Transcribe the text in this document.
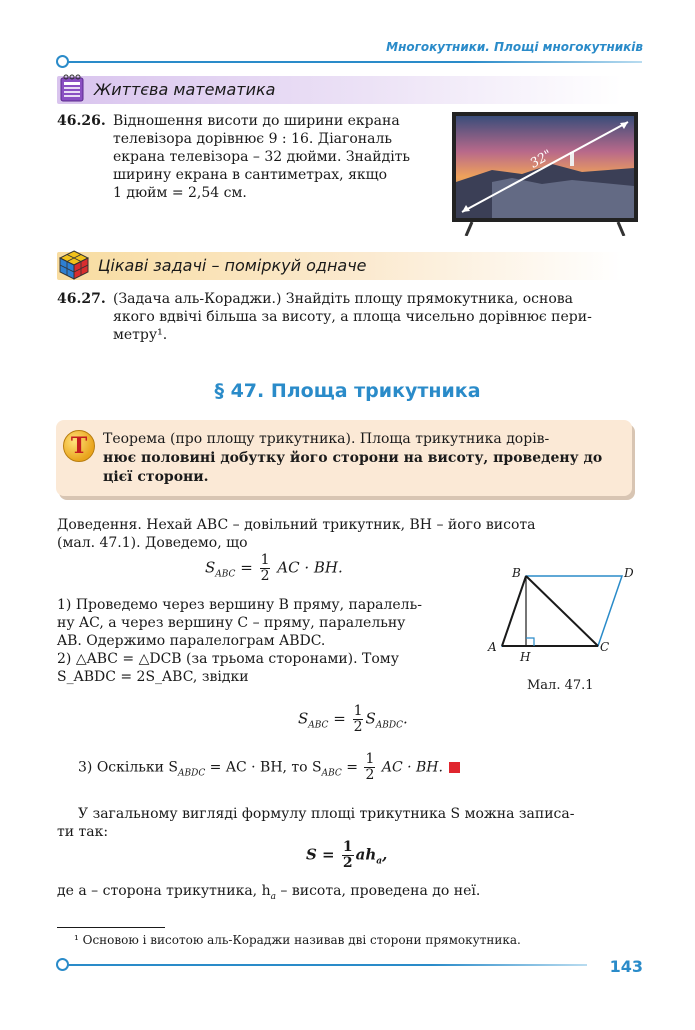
Многокутники. Площі многокутників
Життєва математика
46.26. Відношення висоти до ширини екрана
телевізора дорівнює 9 : 16. Діагональ
екрана телевізора – 32 дюйми. Знайдіть
ширину екрана в сантиметрах, якщо
1 дюйм = 2,54 см.
32"
Цікаві задачі – поміркуй одначе
46.27. (Задача аль-Кораджи.) Знайдіть площу прямокутника, основа
якого вдвічі більша за висоту, а площа чисельно дорівнює пери-
метру¹.
§ 47. Площа трикутника
Т	Теорема (про площу трикутника). Площа трикутника дорів-
нює половині добутку його сторони на висоту, проведену до
цієї сторони.
Доведення. Нехай ABC – довільний трикутник, BH – його висота
(мал. 47.1). Доведемо, що
$S_{ABC} = \frac{1}{2}$ AC · BH.
1) Проведемо через вершину B пряму, паралель-
ну AC, а через вершину C – пряму, паралельну
AB. Одержимо паралелограм ABDC.
2) △ABC = △DCB (за трьома сторонами). Тому
S_ABDC = 2S_ABC, звідки
A
B
C
D
H
Мал. 47.1
$S_{ABC} = \frac{1}{2} S_{ABDC}$.
3) Оскільки $S_{ABDC}$ = AC · BH, то $S_{ABC} = \frac{1}{2}$ AC · BH.
У загальному вигляді формулу площі трикутника S можна записа-
ти так:
$S = \frac{1}{2} ah_a$,
де a – сторона трикутника, $h_a$ – висота, проведена до неї.
¹ Основою і висотою аль-Кораджи називав дві сторони прямокутника.
143
